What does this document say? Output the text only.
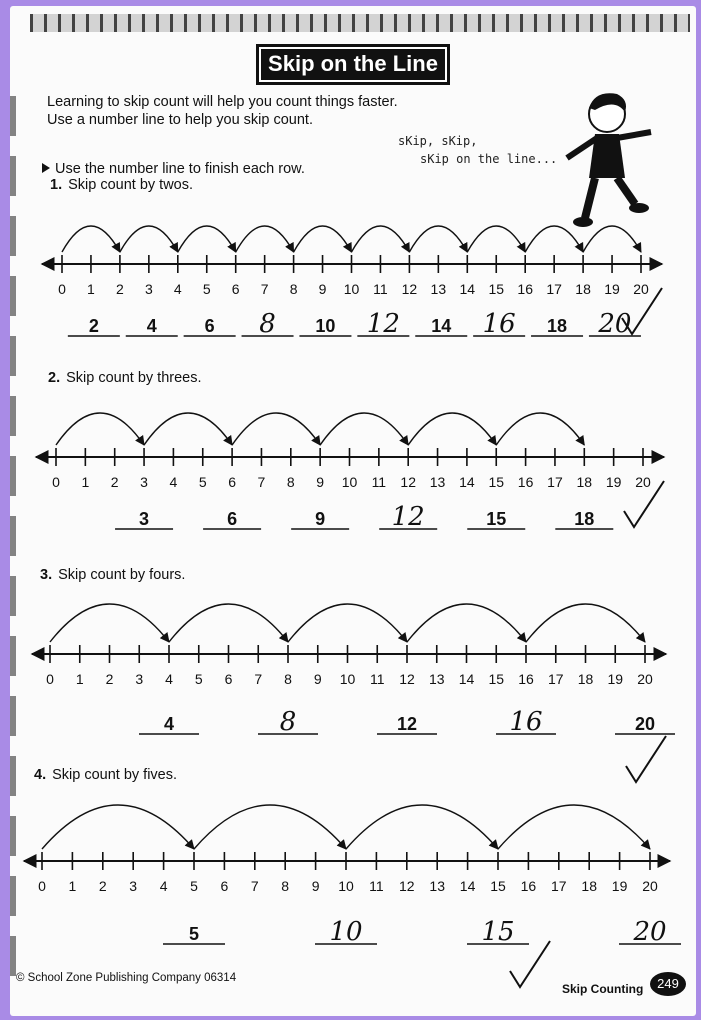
Skip on the Line
Learning to skip count will help you count things faster.
Use a number line to help you skip count.
Use the number line to finish each row.
sKip, sKip,
sKip on the line...
1. Skip count by twos.
2. Skip count by threes.
3. Skip count by fours.
4. Skip count by fives.
0 1 2 3 4 5 6 7 8 9 10 11 12 13 14 15 16 17 18 19 20
2	4	6 8 10 12 14 16 18 20
0 1 2 3 4 5 6 7 8 9 10 11 12 13 14 15 16 17 18 19 20
3	6	9	12	15	18
0 1 2 3 4 5 6 7 8 9 10 11 12 13 14 15 16 17 18 19 20
4	8	12	16	20
0 1 2 3 4 5 6 7 8 9 10 11 12 13 14 15 16 17 18 19 20
5	10	15	20
© School Zone Publishing Company 06314
Skip Counting	249
